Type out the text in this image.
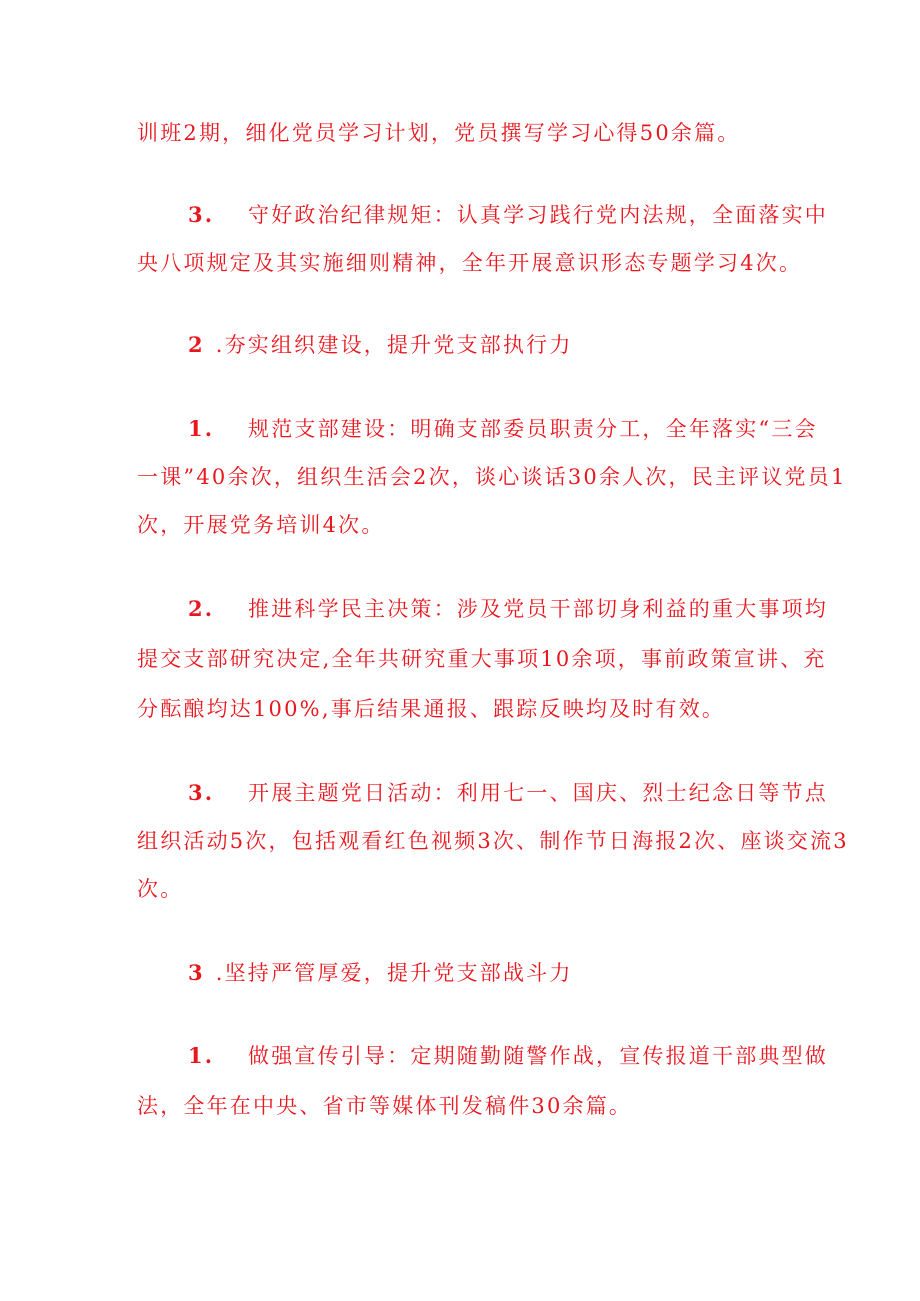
训班2期，细化党员学习计划，党员撰写学习心得50余篇。
3. 守好政治纪律规矩：认真学习践行党内法规，全面落实中
央八项规定及其实施细则精神，全年开展意识形态专题学习4次。
2 .夯实组织建设，提升党支部执行力
1. 规范支部建设：明确支部委员职责分工，全年落实“三会
一课”40余次，组织生活会2次，谈心谈话30余人次，民主评议党员1
次，开展党务培训4次。
2. 推进科学民主决策：涉及党员干部切身利益的重大事项均
提交支部研究决定,全年共研究重大事项10余项，事前政策宣讲、充
分酝酿均达100%,事后结果通报、跟踪反映均及时有效。
3. 开展主题党日活动：利用七一、国庆、烈士纪念日等节点
组织活动5次，包括观看红色视频3次、制作节日海报2次、座谈交流3
次。
3 .坚持严管厚爱，提升党支部战斗力
1. 做强宣传引导：定期随勤随警作战，宣传报道干部典型做
法，全年在中央、省市等媒体刊发稿件30余篇。
